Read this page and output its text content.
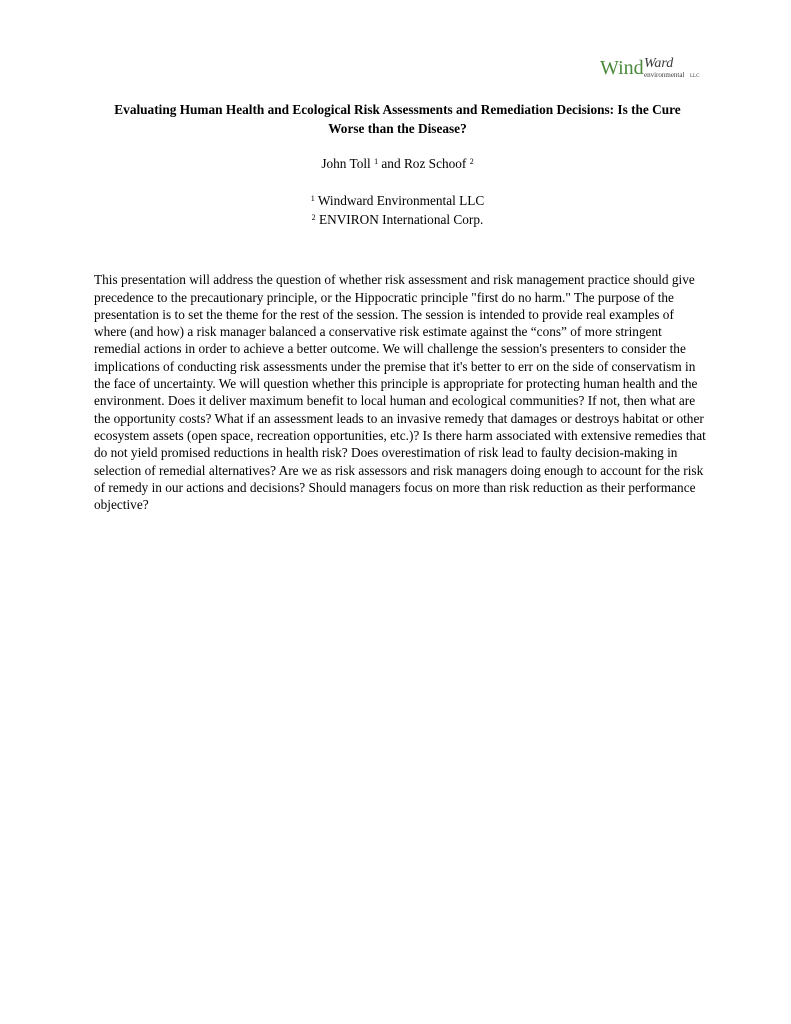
Wind Ward
environmental LLC
Evaluating Human Health and Ecological Risk Assessments and Remediation Decisions: Is the Cure
Worse than the Disease?
John Toll $^1$ and Roz Schoof $^2$
$^1$ Windward Environmental LLC
$^2$ ENVIRON International Corp.

This presentation will address the question of whether risk assessment and risk management practice should give precedence to the precautionary principle, or the Hippocratic principle "first do no harm." The purpose of the presentation is to set the theme for the rest of the session. The session is intended to provide real examples of where (and how) a risk manager balanced a conservative risk estimate against the “cons” of more stringent remedial actions in order to achieve a better outcome. We will challenge the session's presenters to consider the implications of conducting risk assessments under the premise that it's better to err on the side of conservatism in the face of uncertainty. We will question whether this principle is appropriate for protecting human health and the environment. Does it deliver maximum benefit to local human and ecological communities? If not, then what are the opportunity costs? What if an assessment leads to an invasive remedy that damages or destroys habitat or other ecosystem assets (open space, recreation opportunities, etc.)? Is there harm associated with extensive remedies that do not yield promised reductions in health risk? Does overestimation of risk lead to faulty decision-making in selection of remedial alternatives? Are we as risk assessors and risk managers doing enough to account for the risk of remedy in our actions and decisions? Should managers focus on more than risk reduction as their performance objective?
